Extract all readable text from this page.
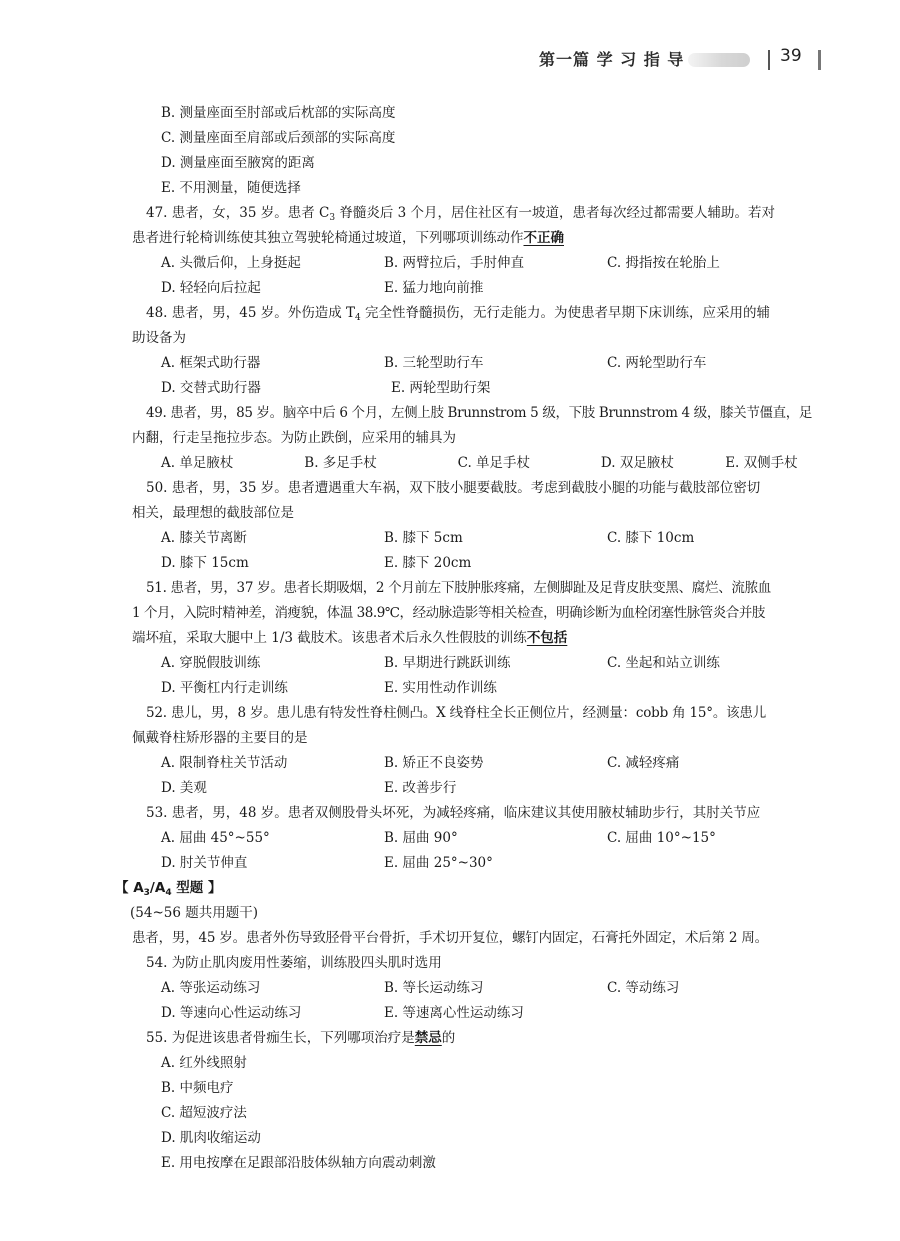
第一篇 学 习 指 导	39
B. 测量座面至肘部或后枕部的实际高度
C. 测量座面至肩部或后颈部的实际高度
D. 测量座面至腋窝的距离
E. 不用测量，随便选择
47. 患者，女，35 岁。患者 $C_3$ 脊髓炎后 3 个月，居住社区有一坡道，患者每次经过都需要人辅助。若对
患者进行轮椅训练使其独立驾驶轮椅通过坡道，下列哪项训练动作不正确
A. 头微后仰，上身挺起	B. 两臂拉后，手肘伸直	C. 拇指按在轮胎上
D. 轻轻向后拉起	E. 猛力地向前推
48. 患者，男，45 岁。外伤造成 $T_4$ 完全性脊髓损伤，无行走能力。为使患者早期下床训练，应采用的辅
助设备为
A. 框架式助行器	B. 三轮型助行车	C. 两轮型助行车
D. 交替式助行器	E. 两轮型助行架
49. 患者，男，85 岁。脑卒中后 6 个月，左侧上肢 Brunnstrom 5 级，下肢 Brunnstrom 4 级，膝关节僵直，足
内翻，行走呈拖拉步态。为防止跌倒，应采用的辅具为
A. 单足腋杖	B. 多足手杖	C. 单足手杖	D. 双足腋杖	E. 双侧手杖
50. 患者，男，35 岁。患者遭遇重大车祸，双下肢小腿要截肢。考虑到截肢小腿的功能与截肢部位密切
相关，最理想的截肢部位是
A. 膝关节离断	B. 膝下 5cm	C. 膝下 10cm
D. 膝下 15cm	E. 膝下 20cm
51. 患者，男，37 岁。患者长期吸烟，2 个月前左下肢肿胀疼痛，左侧脚趾及足背皮肤变黑、腐烂、流脓血
1 个月，入院时精神差，消瘦貌，体温 38.9℃，经动脉造影等相关检查，明确诊断为血栓闭塞性脉管炎合并肢
端坏疽，采取大腿中上 1/3 截肢术。该患者术后永久性假肢的训练不包括
A. 穿脱假肢训练	B. 早期进行跳跃训练	C. 坐起和站立训练
D. 平衡杠内行走训练	E. 实用性动作训练
52. 患儿，男，8 岁。患儿患有特发性脊柱侧凸。X 线脊柱全长正侧位片，经测量：cobb 角 15°。该患儿
佩戴脊柱矫形器的主要目的是
A. 限制脊柱关节活动	B. 矫正不良姿势	C. 减轻疼痛
D. 美观	E. 改善步行
53. 患者，男，48 岁。患者双侧股骨头坏死，为减轻疼痛，临床建议其使用腋杖辅助步行，其肘关节应
A. 屈曲 45°~55°	B. 屈曲 90°	C. 屈曲 10°~15°
D. 肘关节伸直	E. 屈曲 25°~30°
【 $A_3/A_4$ 型题 】
(54~56 题共用题干)
患者，男，45 岁。患者外伤导致胫骨平台骨折，手术切开复位，螺钉内固定，石膏托外固定，术后第 2 周。
54. 为防止肌肉废用性萎缩，训练股四头肌时选用
A. 等张运动练习	B. 等长运动练习	C. 等动练习
D. 等速向心性运动练习	E. 等速离心性运动练习
55. 为促进该患者骨痂生长，下列哪项治疗是禁忌的
A. 红外线照射
B. 中频电疗
C. 超短波疗法
D. 肌肉收缩运动
E. 用电按摩在足跟部沿肢体纵轴方向震动刺激
